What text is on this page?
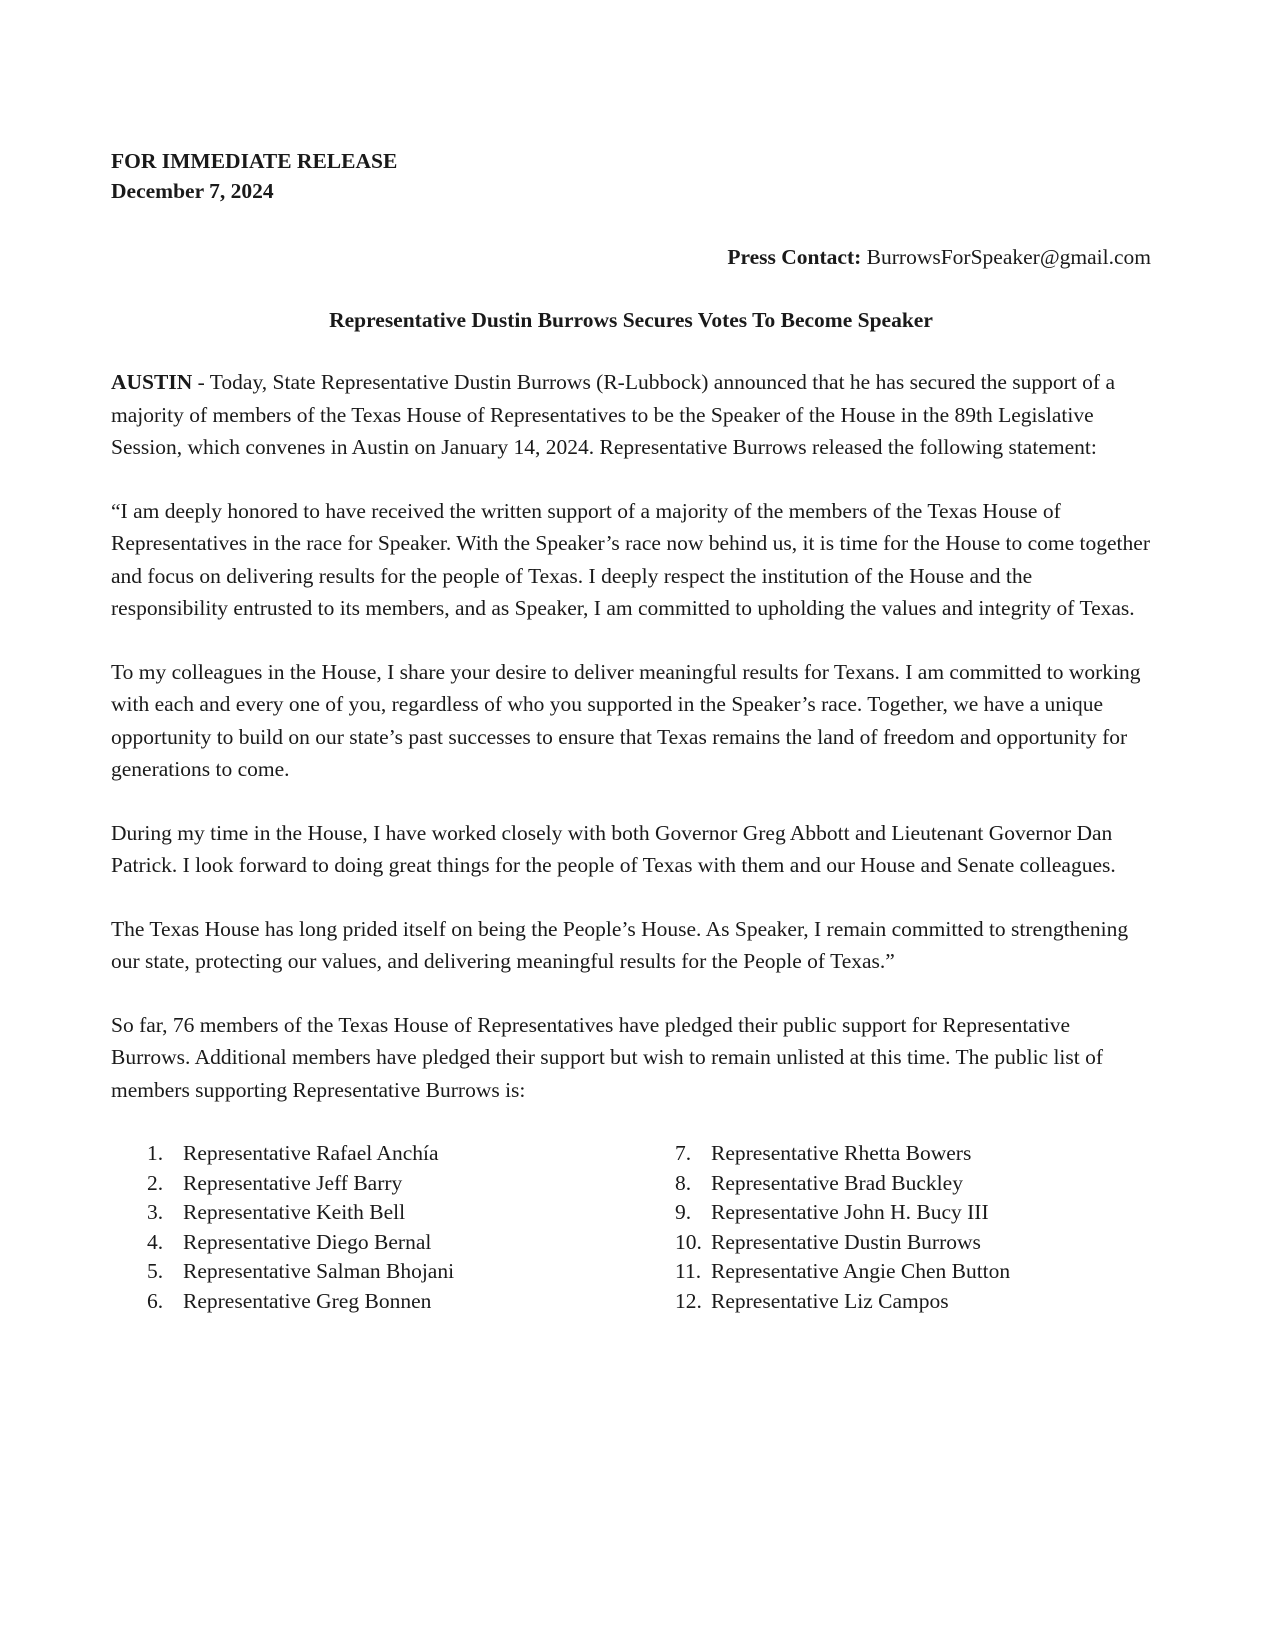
FOR IMMEDIATE RELEASE
December 7, 2024
Press Contact: BurrowsForSpeaker@gmail.com
Representative Dustin Burrows Secures Votes To Become Speaker

AUSTIN - Today, State Representative Dustin Burrows (R-Lubbock) announced that he has secured the support of a majority of members of the Texas House of Representatives to be the Speaker of the House in the 89th Legislative Session, which convenes in Austin on January 14, 2024. Representative Burrows released the following statement:

“I am deeply honored to have received the written support of a majority of the members of the Texas House of Representatives in the race for Speaker. With the Speaker’s race now behind us, it is time for the House to come together and focus on delivering results for the people of Texas. I deeply respect the institution of the House and the responsibility entrusted to its members, and as Speaker, I am committed to upholding the values and integrity of Texas.

To my colleagues in the House, I share your desire to deliver meaningful results for Texans. I am committed to working with each and every one of you, regardless of who you supported in the Speaker’s race. Together, we have a unique opportunity to build on our state’s past successes to ensure that Texas remains the land of freedom and opportunity for generations to come.

During my time in the House, I have worked closely with both Governor Greg Abbott and Lieutenant Governor Dan Patrick. I look forward to doing great things for the people of Texas with them and our House and Senate colleagues.

The Texas House has long prided itself on being the People’s House. As Speaker, I remain committed to strengthening our state, protecting our values, and delivering meaningful results for the People of Texas.”

So far, 76 members of the Texas House of Representatives have pledged their public support for Representative Burrows. Additional members have pledged their support but wish to remain unlisted at this time. The public list of members supporting Representative Burrows is:

1. Representative Rafael Anchía
2. Representative Jeff Barry
3. Representative Keith Bell
4. Representative Diego Bernal
5. Representative Salman Bhojani
6. Representative Greg Bonnen
7. Representative Rhetta Bowers
8. Representative Brad Buckley
9. Representative John H. Bucy III
10. Representative Dustin Burrows
11. Representative Angie Chen Button
12. Representative Liz Campos
